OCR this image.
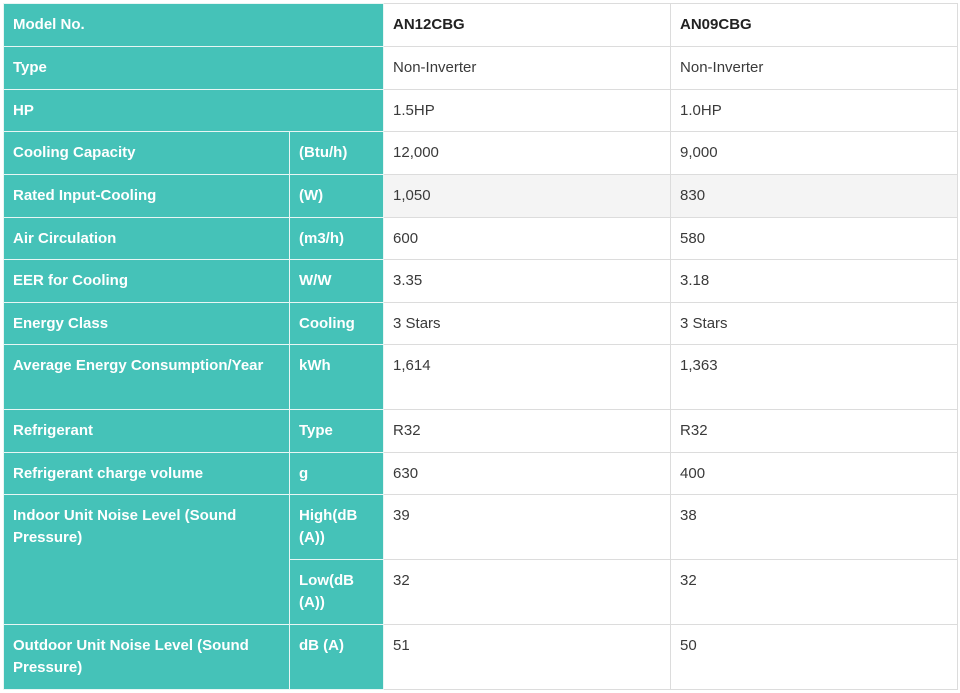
Model No.		AN12CBG	AN09CBG
Type		Non-Inverter	Non-Inverter
HP		1.5HP	1.0HP
Cooling Capacity	(Btu/h)	12,000	9,000
Rated Input-Cooling	(W)	1,050	830
Air Circulation	(m3/h)	600	580
EER for Cooling	W/W	3.35	3.18
Energy Class	Cooling	3 Stars	3 Stars
Average Energy Consumption/Year	kWh	1,614	1,363
Refrigerant	Type	R32	R32
Refrigerant charge volume	g	630	400
Indoor Unit Noise Level (Sound Pressure)	High(dB (A))	39	38
	Low(dB (A))	32	32
Outdoor Unit Noise Level (Sound Pressure)	dB (A)	51	50
